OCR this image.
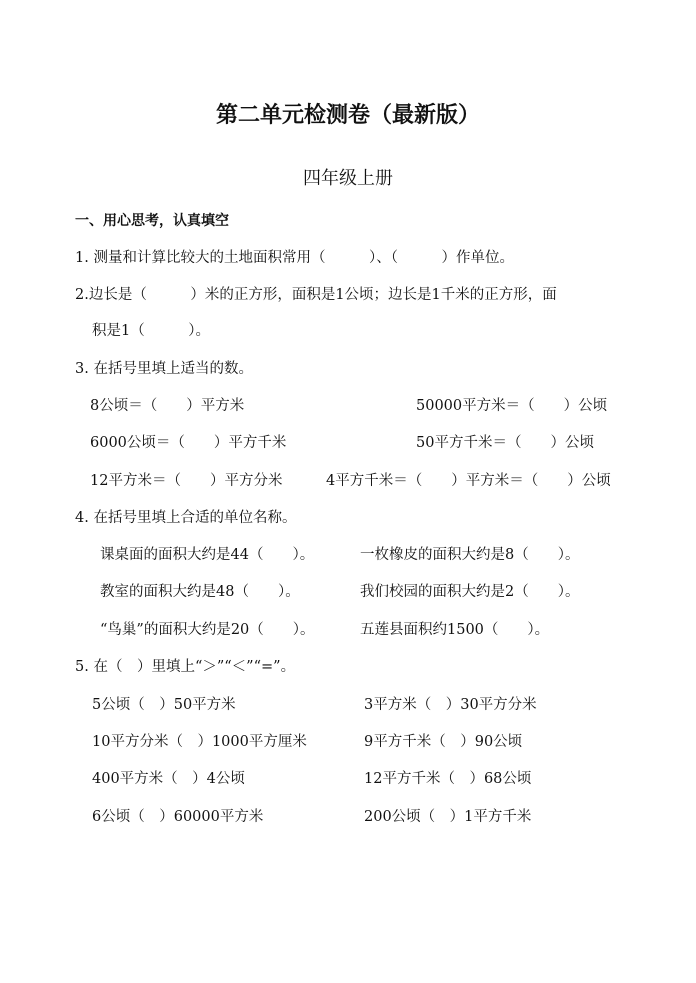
第二单元检测卷（最新版）
四年级上册
一、用心思考，认真填空
1. 测量和计算比较大的土地面积常用（　　　）、（　　　）作单位。
2.边长是（　　　）米的正方形，面积是1公顷；边长是1千米的正方形，面
积是1（　　　）。
3. 在括号里填上适当的数。
8公顷＝（　　）平方米	50000平方米＝（　　）公顷
6000公顷＝（　　）平方千米	50平方千米＝（　　）公顷
12平方米＝（　　）平方分米	4平方千米＝（　　）平方米＝（　　）公顷
4. 在括号里填上合适的单位名称。
课桌面的面积大约是44（　　）。	一枚橡皮的面积大约是8（　　）。
教室的面积大约是48（　　）。	我们校园的面积大约是2（　　）。
“鸟巢”的面积大约是20（　　）。	五莲县面积约1500（　　）。
5. 在（　）里填上“＞”“＜”“=”。
5公顷（　）50平方米	3平方米（　）30平方分米
10平方分米（　）1000平方厘米	9平方千米（　）90公顷
400平方米（　）4公顷	12平方千米（　）68公顷
6公顷（　）60000平方米	200公顷（　）1平方千米
